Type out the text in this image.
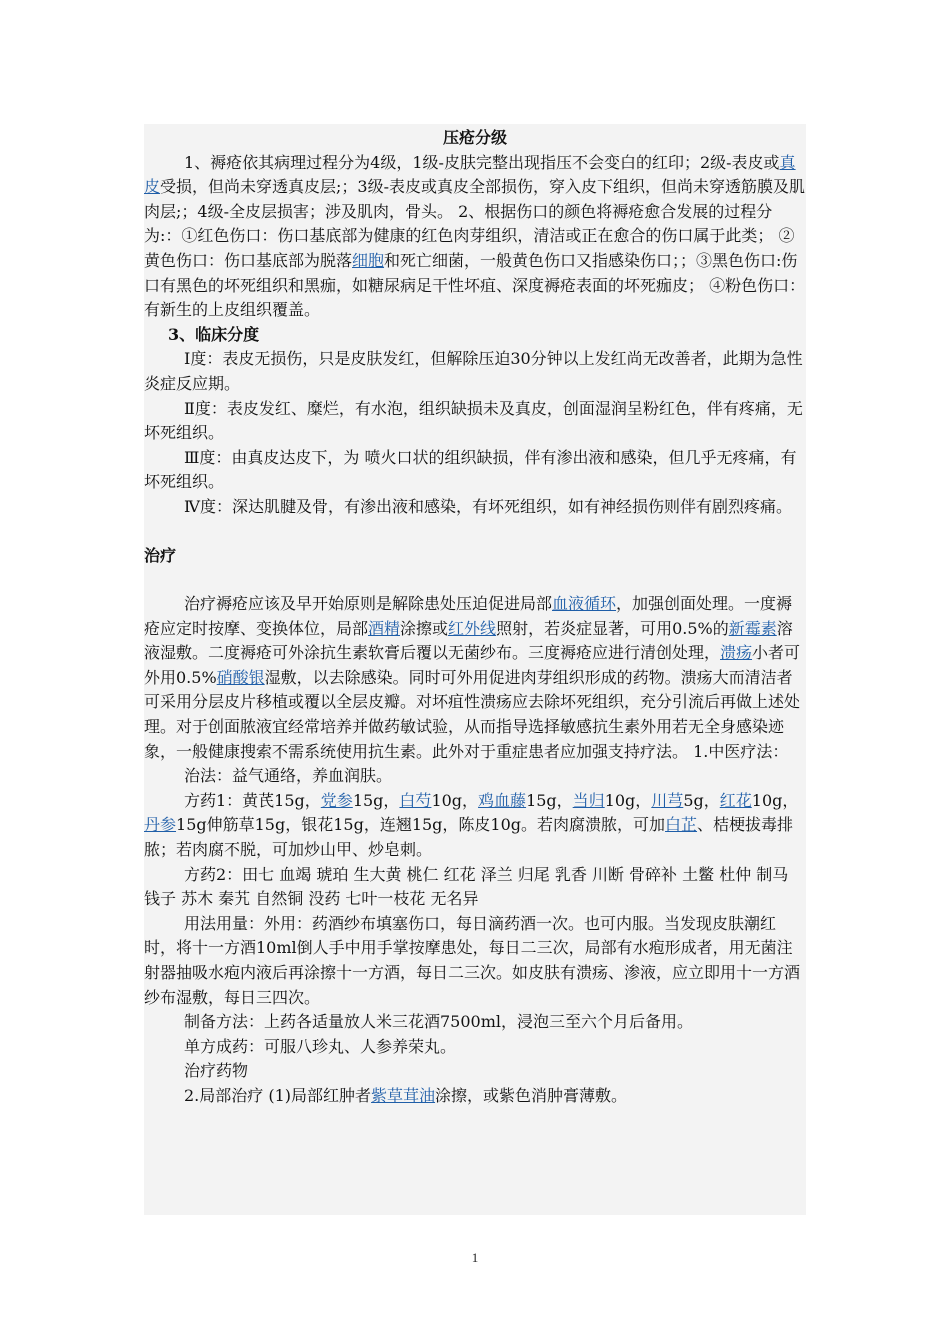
压疮分级

1、褥疮依其病理过程分为4级，1级-皮肤完整出现指压不会变白的红印；2级-表皮或真皮受损，但尚未穿透真皮层;；3级-表皮或真皮全部损伤，穿入皮下组织，但尚未穿透筋膜及肌肉层;；4级-全皮层损害；涉及肌肉，骨头。 2、根据伤口的颜色将褥疮愈合发展的过程分为:：①红色伤口：伤口基底部为健康的红色肉芽组织，清洁或正在愈合的伤口属于此类； ②黄色伤口：伤口基底部为脱落细胞和死亡细菌，一般黄色伤口又指感染伤口；；③黑色伤口:伤口有黑色的坏死组织和黑痂，如糖尿病足干性坏疽、深度褥疮表面的坏死痂皮； ④粉色伤口：有新生的上皮组织覆盖。

3、临床分度

Ⅰ度：表皮无损伤，只是皮肤发红，但解除压迫30分钟以上发红尚无改善者，此期为急性炎症反应期。

Ⅱ度：表皮发红、糜烂，有水泡，组织缺损未及真皮，创面湿润呈粉红色，伴有疼痛，无坏死组织。

Ⅲ度：由真皮达皮下，为 喷火口状的组织缺损，伴有渗出液和感染，但几乎无疼痛，有坏死组织。

Ⅳ度：深达肌腱及骨，有渗出液和感染，有坏死组织，如有神经损伤则伴有剧烈疼痛。

治疗

治疗褥疮应该及早开始原则是解除患处压迫促进局部血液循环，加强创面处理。一度褥疮应定时按摩、变换体位，局部酒精涂擦或红外线照射，若炎症显著，可用0.5%的新霉素溶液湿敷。二度褥疮可外涂抗生素软膏后覆以无菌纱布。三度褥疮应进行清创处理，溃疡小者可外用0.5%硝酸银湿敷，以去除感染。同时可外用促进肉芽组织形成的药物。溃疡大而清洁者可采用分层皮片移植或覆以全层皮瓣。对坏疽性溃疡应去除坏死组织，充分引流后再做上述处理。对于创面脓液宜经常培养并做药敏试验，从而指导选择敏感抗生素外用若无全身感染迹象，一般健康搜索不需系统使用抗生素。此外对于重症患者应加强支持疗法。 1.中医疗法：

治法：益气通络，养血润肤。

方药1：黄芪15g，党参15g，白芍10g，鸡血藤15g，当归10g，川芎5g，红花10g，丹参15g伸筋草15g，银花15g，连翘15g，陈皮10g。若肉腐溃脓，可加白芷、桔梗拔毒排脓；若肉腐不脱，可加炒山甲、炒皂刺。

方药2：田七 血竭 琥珀 生大黄 桃仁 红花 泽兰 归尾 乳香 川断 骨碎补 土鳖 杜仲 制马 钱子 苏木 秦艽 自然铜 没药 七叶一枝花 无名异

用法用量：外用：药酒纱布填塞伤口，每日滴药酒一次。也可内服。当发现皮肤潮红时，将十一方酒10ml倒人手中用手掌按摩患处，每日二三次，局部有水疱形成者，用无菌注射器抽吸水疱内液后再涂擦十一方酒，每日二三次。如皮肤有溃疡、渗液，应立即用十一方酒纱布湿敷，每日三四次。

制备方法：上药各适量放人米三花酒7500ml，浸泡三至六个月后备用。

单方成药：可服八珍丸、人参养荣丸。

治疗药物

2.局部治疗 (1)局部红肿者紫草茸油涂擦，或紫色消肿膏薄敷。

1
